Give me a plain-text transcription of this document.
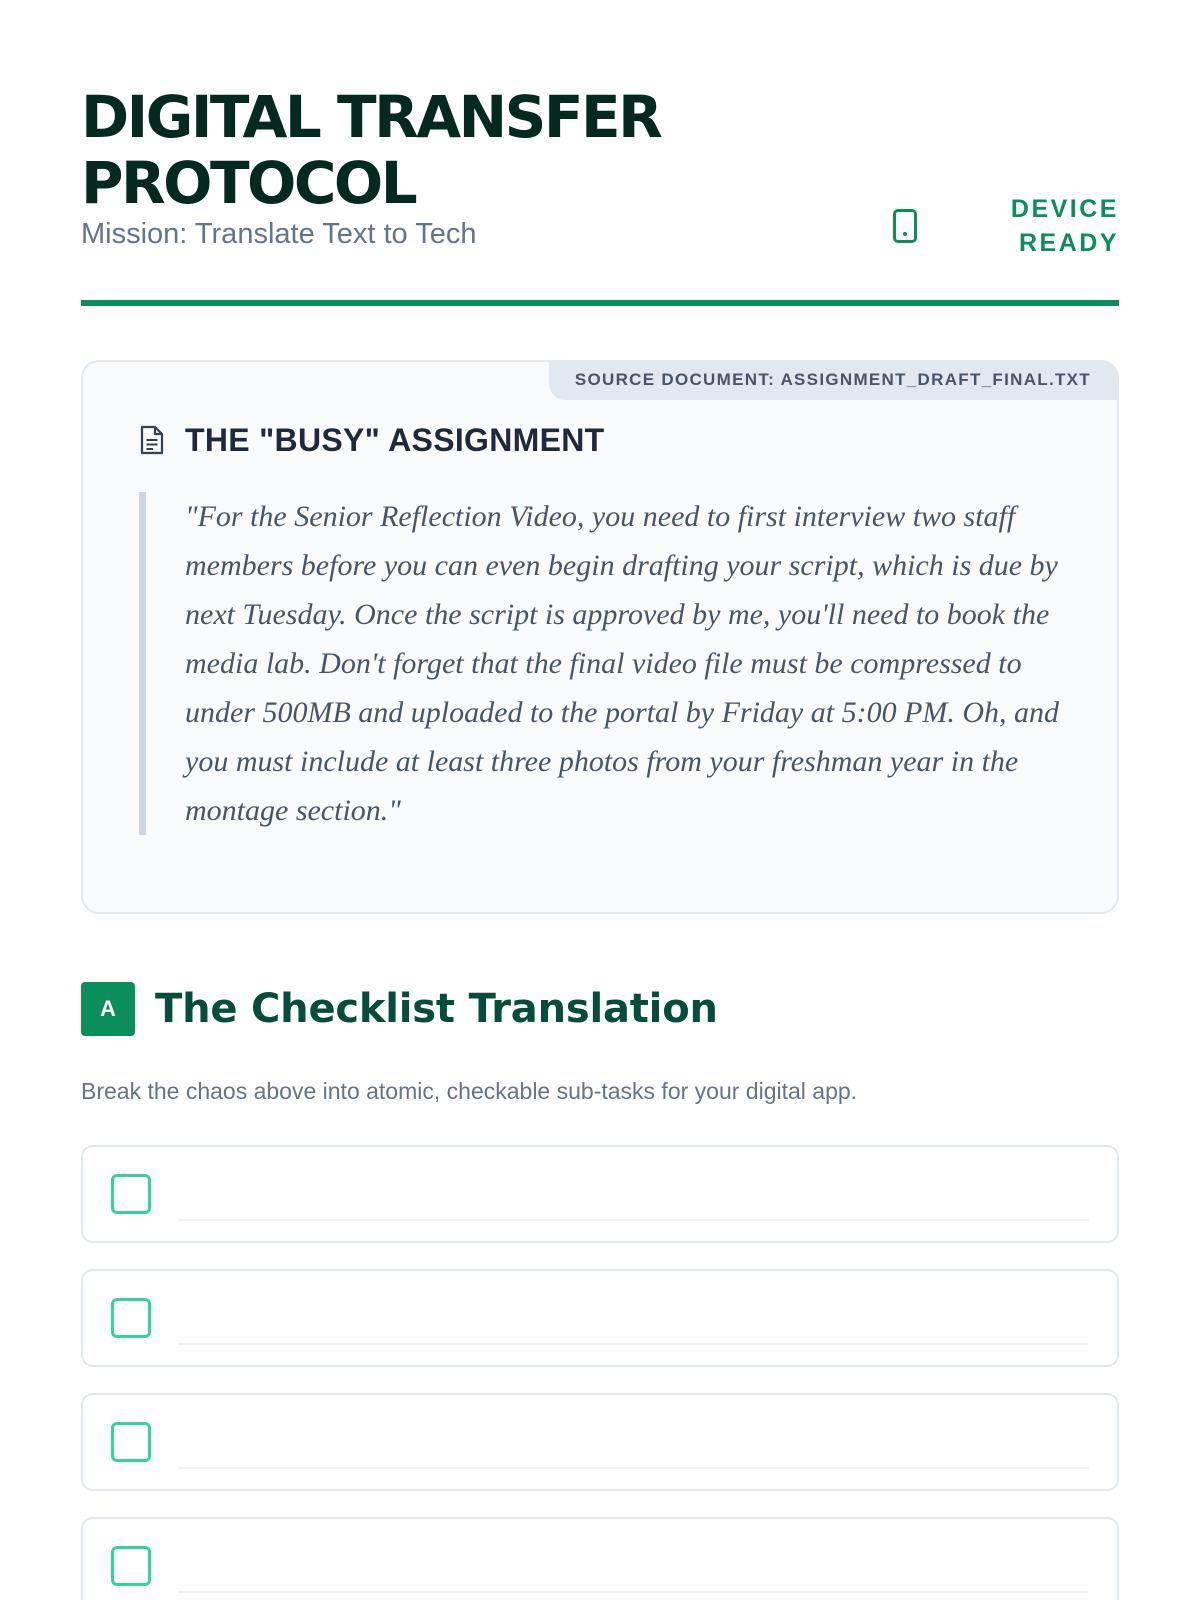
DIGITAL TRANSFER PROTOCOL
Mission: Translate Text to Tech
DEVICE READY
SOURCE DOCUMENT: ASSIGNMENT_DRAFT_FINAL.TXT
THE "BUSY" ASSIGNMENT
"For the Senior Reflection Video, you need to first interview two staff members before you can even begin drafting your script, which is due by next Tuesday. Once the script is approved by me, you'll need to book the media lab. Don't forget that the final video file must be compressed to under 500MB and uploaded to the portal by Friday at 5:00 PM. Oh, and you must include at least three photos from your freshman year in the montage section."
A The Checklist Translation

Break the chaos above into atomic, checkable sub-tasks for your digital app.
